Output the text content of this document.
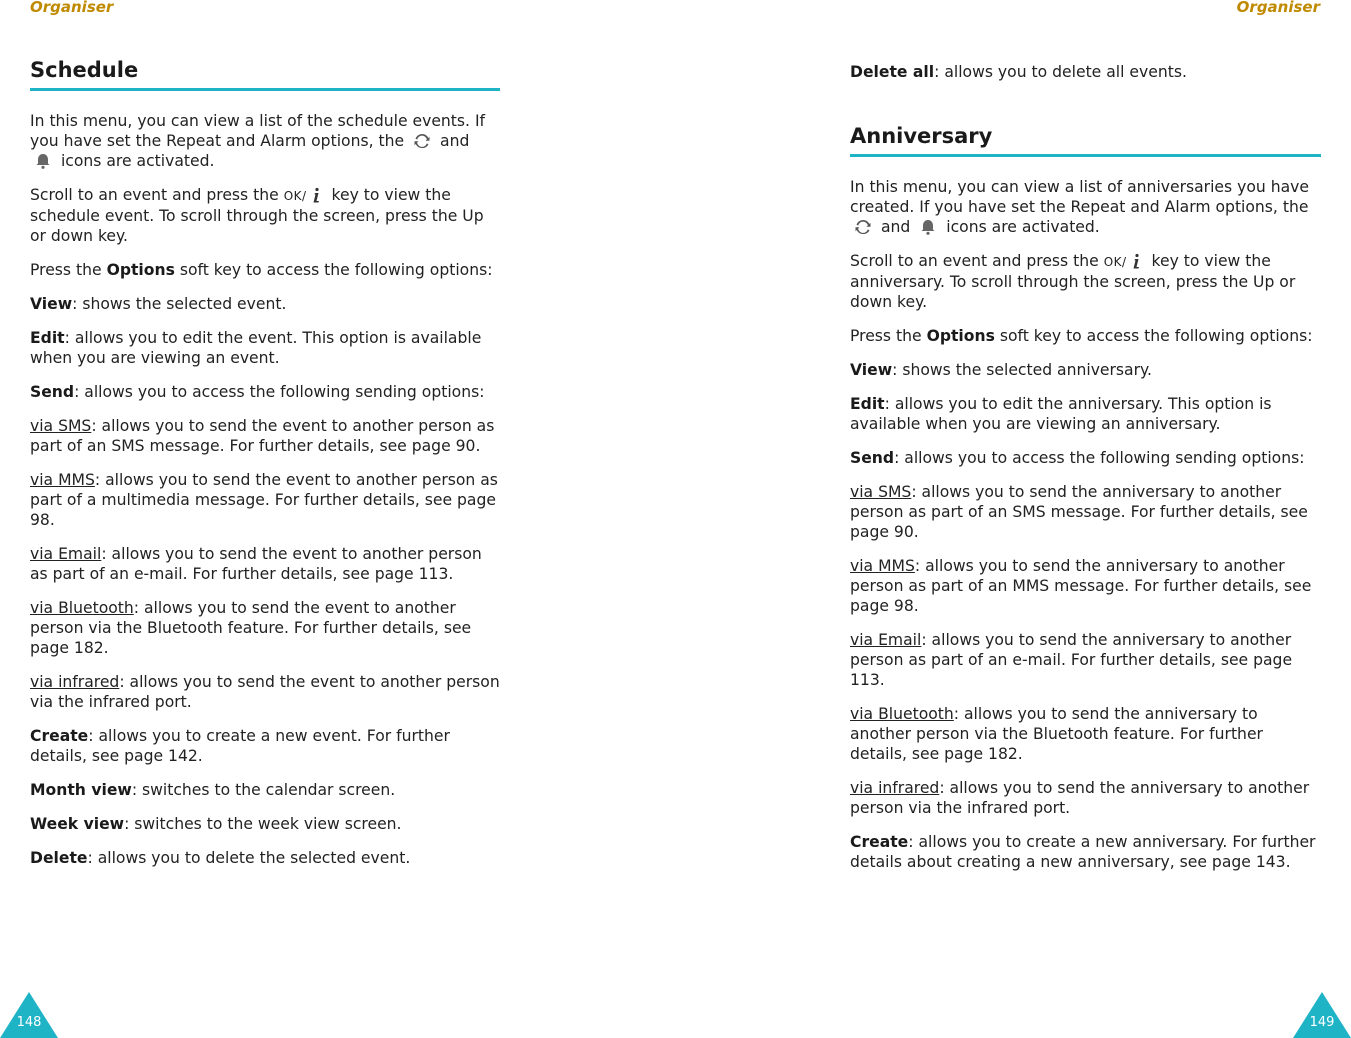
Organiser	Organiser
Schedule

In this menu, you can view a list of the schedule events. If you have set the Repeat and Alarm options, the and  icons are activated.

Scroll to an event and press the OK/ key to view the schedule event. To scroll through the screen, press the Up or down key.

Press the Options soft key to access the following options:

View: shows the selected event.

Edit: allows you to edit the event. This option is available when you are viewing an event.

Send: allows you to access the following sending options:

via SMS: allows you to send the event to another person as part of an SMS message. For further details, see page 90.

via MMS: allows you to send the event to another person as part of a multimedia message. For further details, see page 98.

via Email: allows you to send the event to another person as part of an e-mail. For further details, see page 113.

via Bluetooth: allows you to send the event to another person via the Bluetooth feature. For further details, see page 182.

via infrared: allows you to send the event to another person via the infrared port.

Create: allows you to create a new event. For further details, see page 142.

Month view: switches to the calendar screen.

Week view: switches to the week view screen.

Delete: allows you to delete the selected event.

Delete all: allows you to delete all events.

Anniversary

In this menu, you can view a list of anniversaries you have created. If you have set the Repeat and Alarm options, the  and icons are activated.

Scroll to an event and press the OK/ key to view the anniversary. To scroll through the screen, press the Up or down key.

Press the Options soft key to access the following options:

View: shows the selected anniversary.

Edit: allows you to edit the anniversary. This option is available when you are viewing an anniversary.

Send: allows you to access the following sending options:

via SMS: allows you to send the anniversary to another person as part of an SMS message. For further details, see page 90.

via MMS: allows you to send the anniversary to another person as part of an MMS message. For further details, see page 98.

via Email: allows you to send the anniversary to another person as part of an e-mail. For further details, see page 113.

via Bluetooth: allows you to send the anniversary to another person via the Bluetooth feature. For further details, see page 182.

via infrared: allows you to send the anniversary to another person via the infrared port.

Create: allows you to create a new anniversary. For further details about creating a new anniversary, see page 143.

148	149
